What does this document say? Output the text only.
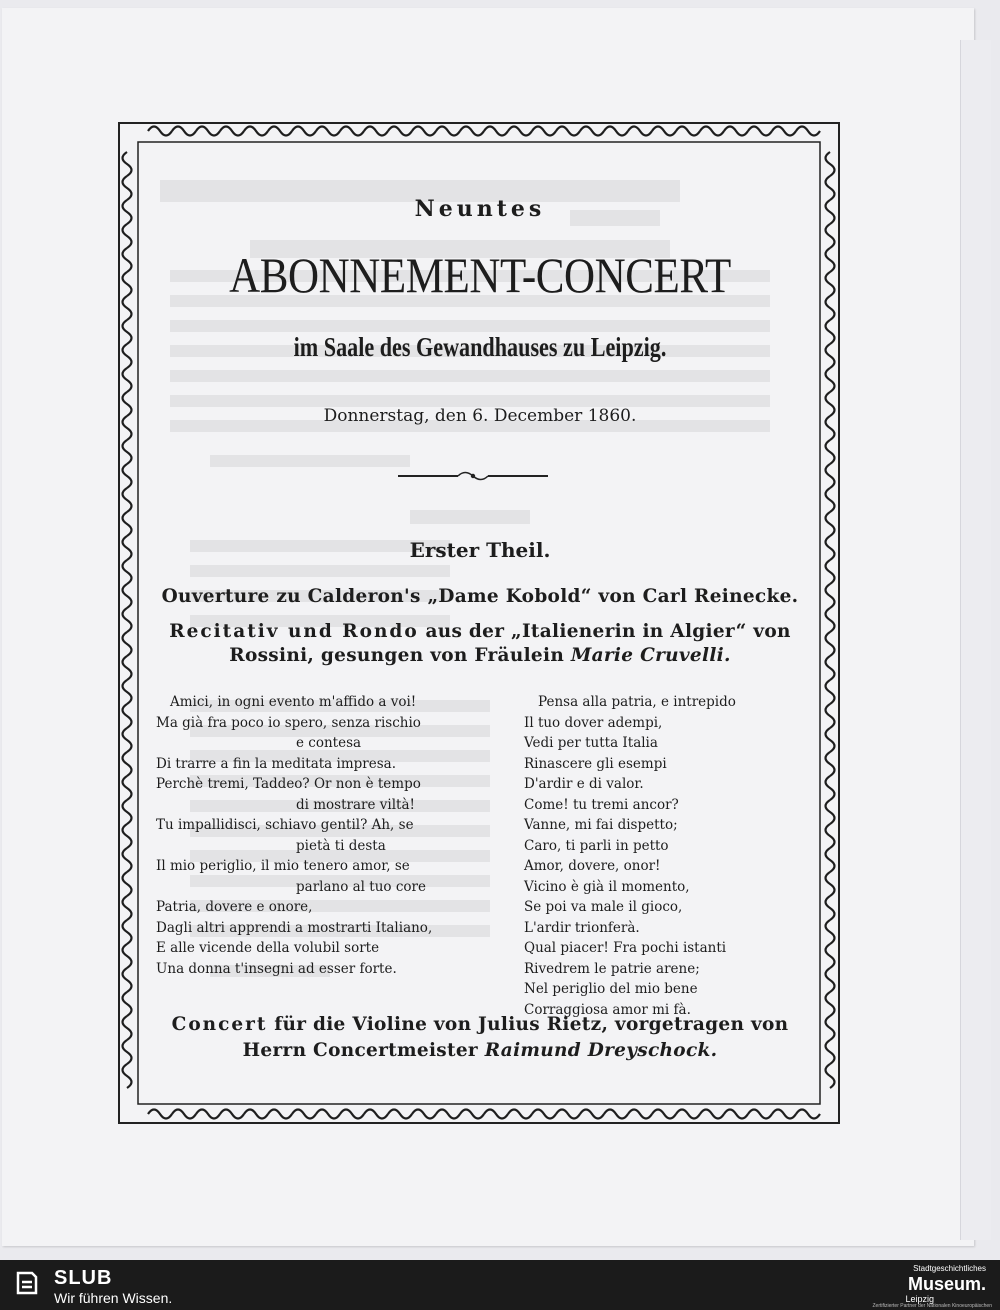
Neuntes
ABONNEMENT-CONCERT
im Saale des Gewandhauses zu Leipzig.
Donnerstag, den 6. December 1860.
Erster Theil.
Ouverture zu Calderon's „Dame Kobold“ von Carl Reinecke.
Recitativ und Rondo aus der „Italienerin in Algier“ von
Rossini, gesungen von Fräulein Marie Cruvelli.
Amici, in ogni evento m'affido a voi!
Ma già fra poco io spero, senza rischio
e contesa
Di trarre a fin la meditata impresa.
Perchè tremi, Taddeo? Or non è tempo
di mostrare viltà!
Tu impallidisci, schiavo gentil? Ah, se
pietà ti desta
Il mio periglio, il mio tenero amor, se
parlano al tuo core
Patria, dovere e onore,
Dagli altri apprendi a mostrarti Italiano,
E alle vicende della volubil sorte
Una donna t'insegni ad esser forte.
Pensa alla patria, e intrepido
Il tuo dover adempi,
Vedi per tutta Italia
Rinascere gli esempi
D'ardir e di valor.
Come! tu tremi ancor?
Vanne, mi fai dispetto;
Caro, ti parli in petto
Amor, dovere, onor!
Vicino è già il momento,
Se poi va male il gioco,
L'ardir trionferà.
Qual piacer! Fra pochi istanti
Rivedrem le patrie arene;
Nel periglio del mio bene
Corraggiosa amor mi fà.
Concert für die Violine von Julius Rietz, vorgetragen von
Herrn Concertmeister Raimund Dreyschock.
SLUB
Wir führen Wissen.
Stadtgeschichtliches
Museum.
Leipzig
Zertifizierter Partner der Nationalen Kinoeuropäischen
